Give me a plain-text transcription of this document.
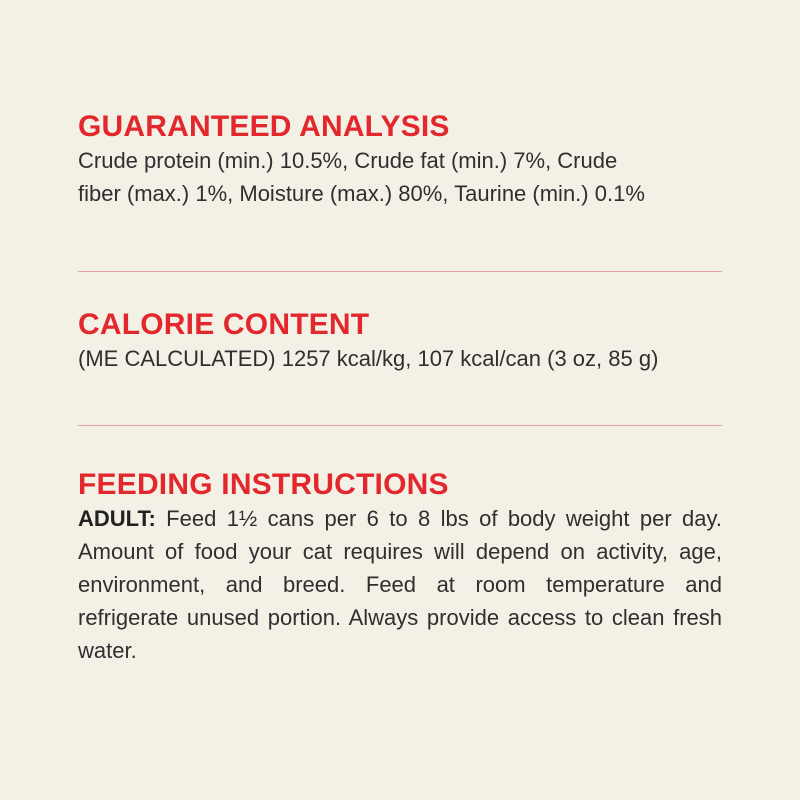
GUARANTEED ANALYSIS

Crude protein (min.) 10.5%, Crude fat (min.) 7%, Crude
fiber (max.) 1%, Moisture (max.) 80%, Taurine (min.) 0.1%

CALORIE CONTENT

(ME CALCULATED) 1257 kcal/kg, 107 kcal/can (3 oz, 85 g)

FEEDING INSTRUCTIONS

ADULT: Feed 1½ cans per 6 to 8 lbs of body weight per day. Amount of food your cat requires will depend on activity, age, environment, and breed. Feed at room temperature and refrigerate unused portion. Always provide access to clean fresh water.
